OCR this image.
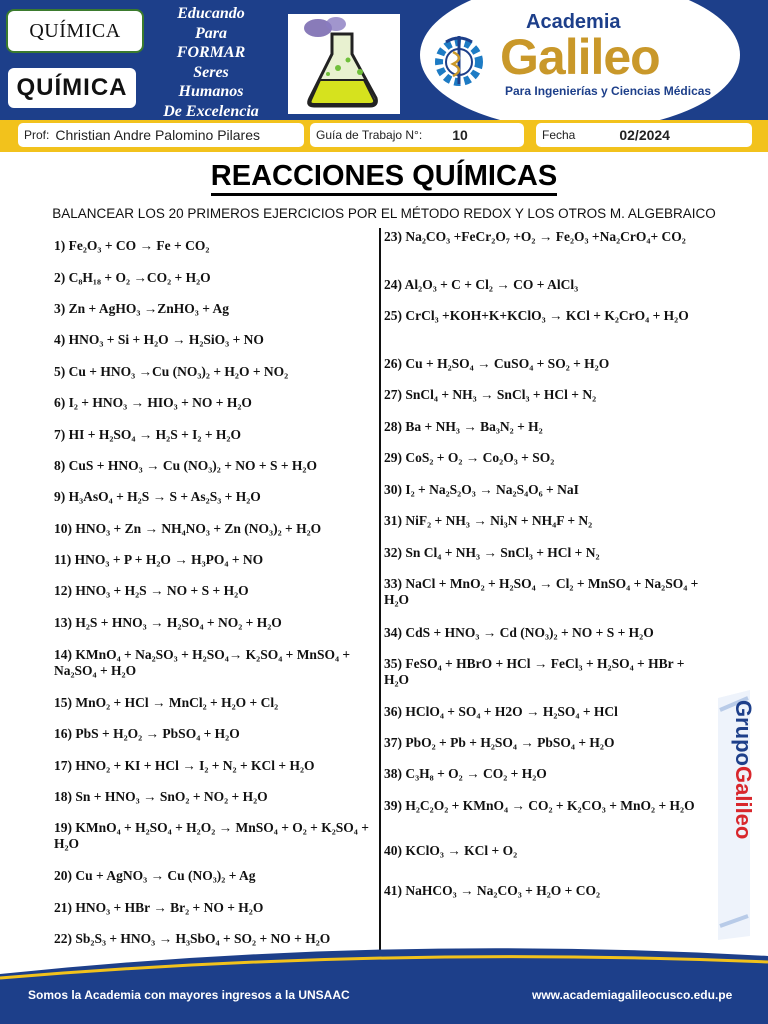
QUÍMICA
QUÍMICA
Educando
Para
FORMAR
Seres
Humanos
De Excelencia
Academia
Galileo
Para Ingenierías y Ciencias Médicas
Prof: Christian Andre Palomino Pilares	Guía de Trabajo N°: 10	Fecha	02/2024
REACCIONES QUÍMICAS
BALANCEAR LOS 20 PRIMEROS EJERCICIOS POR EL MÉTODO REDOX Y LOS OTROS M. ALGEBRAICO
1) Fe₂O₃ + CO → Fe + CO₂
2) C₈H₁₈ + O₂ →CO₂ + H₂O
3) Zn + AgHO₃ →ZnHO₃ + Ag
4) HNO₃ + Si + H₂O → H₂SiO₃ + NO
5) Cu + HNO₃ →Cu (NO₃)₂ + H₂O + NO₂
6) I₂ + HNO₃ → HIO₃ + NO + H₂O
7) HI + H₂SO₄ → H₂S + I₂ + H₂O
8) CuS + HNO₃ → Cu (NO₃)₂ + NO + S + H₂O
9) H₃AsO₄ + H₂S → S + As₂S₃ + H₂O
10) HNO₃ + Zn → NH₄NO₃ + Zn (NO₃)₂ + H₂O
11) HNO₃ + P + H₂O → H₃PO₄ + NO
12) HNO₃ + H₂S → NO + S + H₂O
13) H₂S + HNO₃ → H₂SO₄ + NO₂ + H₂O
14) KMnO₄ + Na₂SO₃ + H₂SO₄→ K₂SO₄ + MnSO₄ + Na₂SO₄ + H₂O
15) MnO₂ + HCl → MnCl₂ + H₂O + Cl₂
16) PbS + H₂O₂ → PbSO₄ + H₂O
17) HNO₂ + KI + HCl → I₂ + N₂ + KCl + H₂O
18) Sn + HNO₃ → SnO₂ + NO₂ + H₂O
19) KMnO₄ + H₂SO₄ + H₂O₂ → MnSO₄ + O₂ + K₂SO₄ + H₂O
20) Cu + AgNO₃ → Cu (NO₃)₂ + Ag
21) HNO₃ + HBr → Br₂ + NO + H₂O
22) Sb₂S₃ + HNO₃ → H₃SbO₄ + SO₂ + NO + H₂O
23) Na₂CO₃ +FeCr₂O₇ +O₂ → Fe₂O₃ +Na₂CrO₄+ CO₂
24) Al₂O₃ + C + Cl₂ → CO + AlCl₃
25) CrCl₃ +KOH+K+KClO₃ → KCl + K₂CrO₄ + H₂O
26) Cu + H₂SO₄ → CuSO₄ + SO₂ + H₂O
27) SnCl₄ + NH₃ → SnCl₃ + HCl + N₂
28) Ba + NH₃ → Ba₃N₂ + H₂
29) CoS₂ + O₂ → Co₂O₃ + SO₂
30) I₂ + Na₂S₂O₃ → Na₂S₄O₆ + NaI
31) NiF₂ + NH₃ → Ni₃N + NH₄F + N₂
32) Sn Cl₄ + NH₃ → SnCl₃ + HCl + N₂
33) NaCl + MnO₂ + H₂SO₄ → Cl₂ + MnSO₄ + Na₂SO₄ + H₂O
34) CdS + HNO₃ → Cd (NO₃)₂ + NO + S + H₂O
35) FeSO₄ + HBrO + HCl → FeCl₃ + H₂SO₄ + HBr + H₂O
36) HClO₄ + SO₄ + H2O → H₂SO₄ + HCl
37) PbO₂ + Pb + H₂SO₄ → PbSO₄ + H₂O
38) C₃H₈ + O₂ → CO₂ + H₂O
39) H₂C₂O₂ + KMnO₄ → CO₂ + K₂CO₃ + MnO₂ + H₂O
40) KClO₃ → KCl + O₂
41) NaHCO₃ → Na₂CO₃ + H₂O + CO₂
GrupoGalileo
Somos la Academia con mayores ingresos a la UNSAAC	www.academiagalileocusco.edu.pe
